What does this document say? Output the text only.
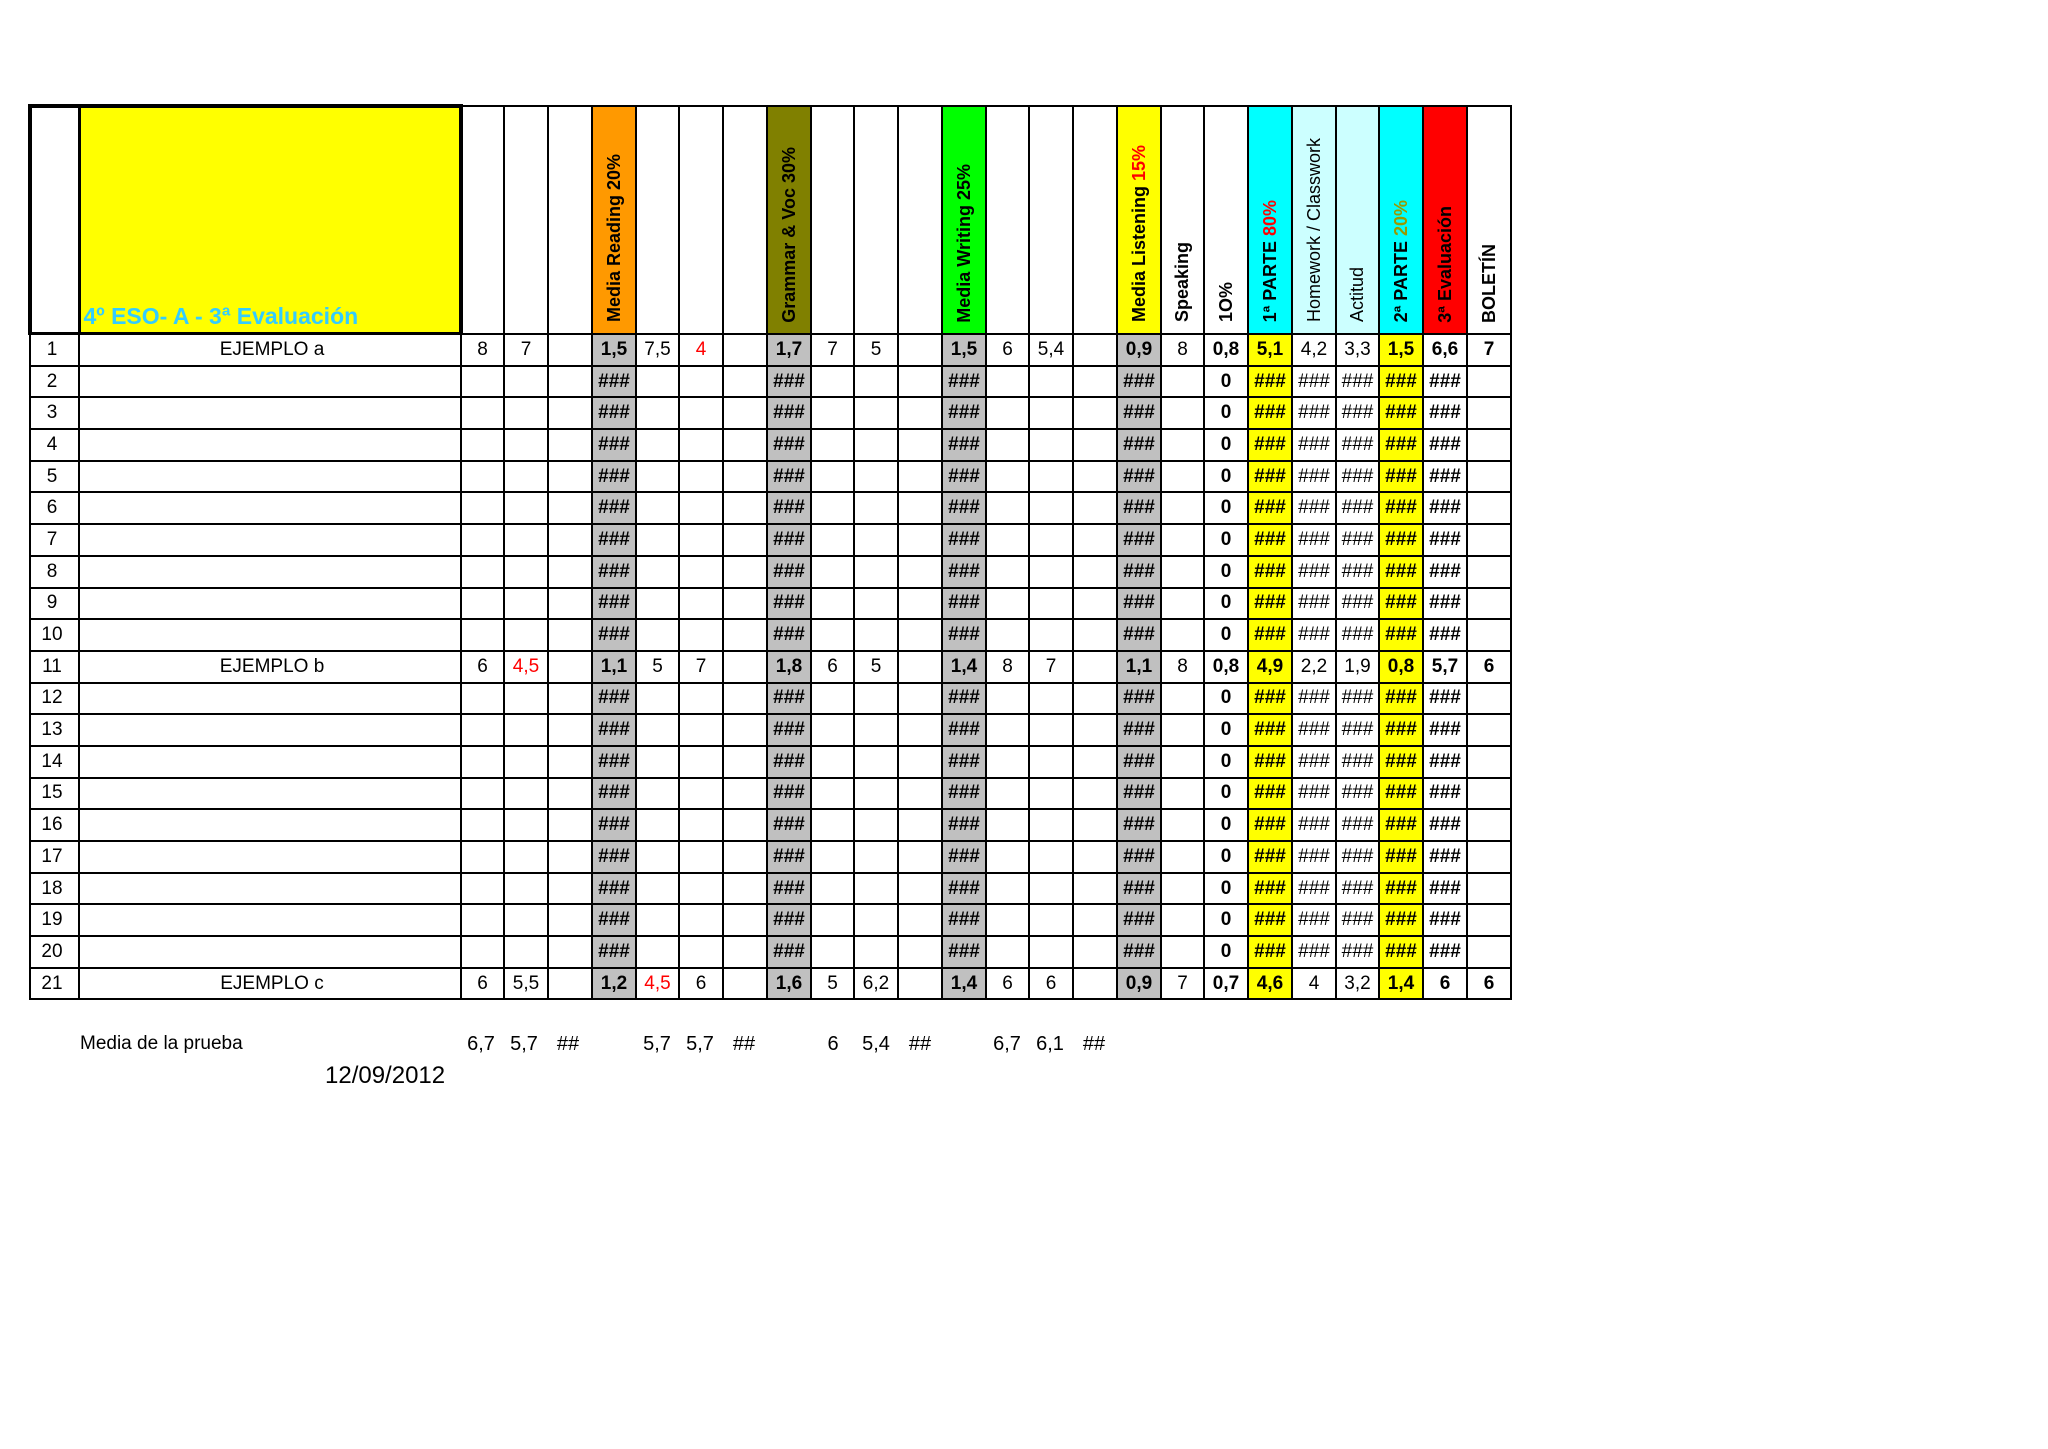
	4º ESO- A - 3ª Evaluación				Media Reading 20%				Grammar & Voc 30%				Media Writing 25%				Media Listening 15%	Speaking	1O%	1ª PARTE 80%	Homework / Classwork	Actitud	2ª PARTE 20%	3ª Evaluación	BOLETÍN
1	EJEMPLO a	8	7		1,5	7,5	4		1,7	7	5		1,5	6	5,4		0,9	8	0,8	5,1	4,2	3,3	1,5	6,6	7
2					###				###				###				###		0	###	###	###	###	###	
3					###				###				###				###		0	###	###	###	###	###	
4					###				###				###				###		0	###	###	###	###	###	
5					###				###				###				###		0	###	###	###	###	###	
6					###				###				###				###		0	###	###	###	###	###	
7					###				###				###				###		0	###	###	###	###	###	
8					###				###				###				###		0	###	###	###	###	###	
9					###				###				###				###		0	###	###	###	###	###	
10					###				###				###				###		0	###	###	###	###	###	
11	EJEMPLO b	6	4,5		1,1	5	7		1,8	6	5		1,4	8	7		1,1	8	0,8	4,9	2,2	1,9	0,8	5,7	6
12					###				###				###				###		0	###	###	###	###	###	
13					###				###				###				###		0	###	###	###	###	###	
14					###				###				###				###		0	###	###	###	###	###	
15					###				###				###				###		0	###	###	###	###	###	
16					###				###				###				###		0	###	###	###	###	###	
17					###				###				###				###		0	###	###	###	###	###	
18					###				###				###				###		0	###	###	###	###	###	
19					###				###				###				###		0	###	###	###	###	###	
20					###				###				###				###		0	###	###	###	###	###	
21	EJEMPLO c	6	5,5		1,2	4,5	6		1,6	5	6,2		1,4	6	6		0,9	7	0,7	4,6	4	3,2	1,4	6	6
Media de la prueba	6,7 5,7 ##	5,7 5,7 ##	6	5,4 ##	6,7 6,1 ##
12/09/2012
